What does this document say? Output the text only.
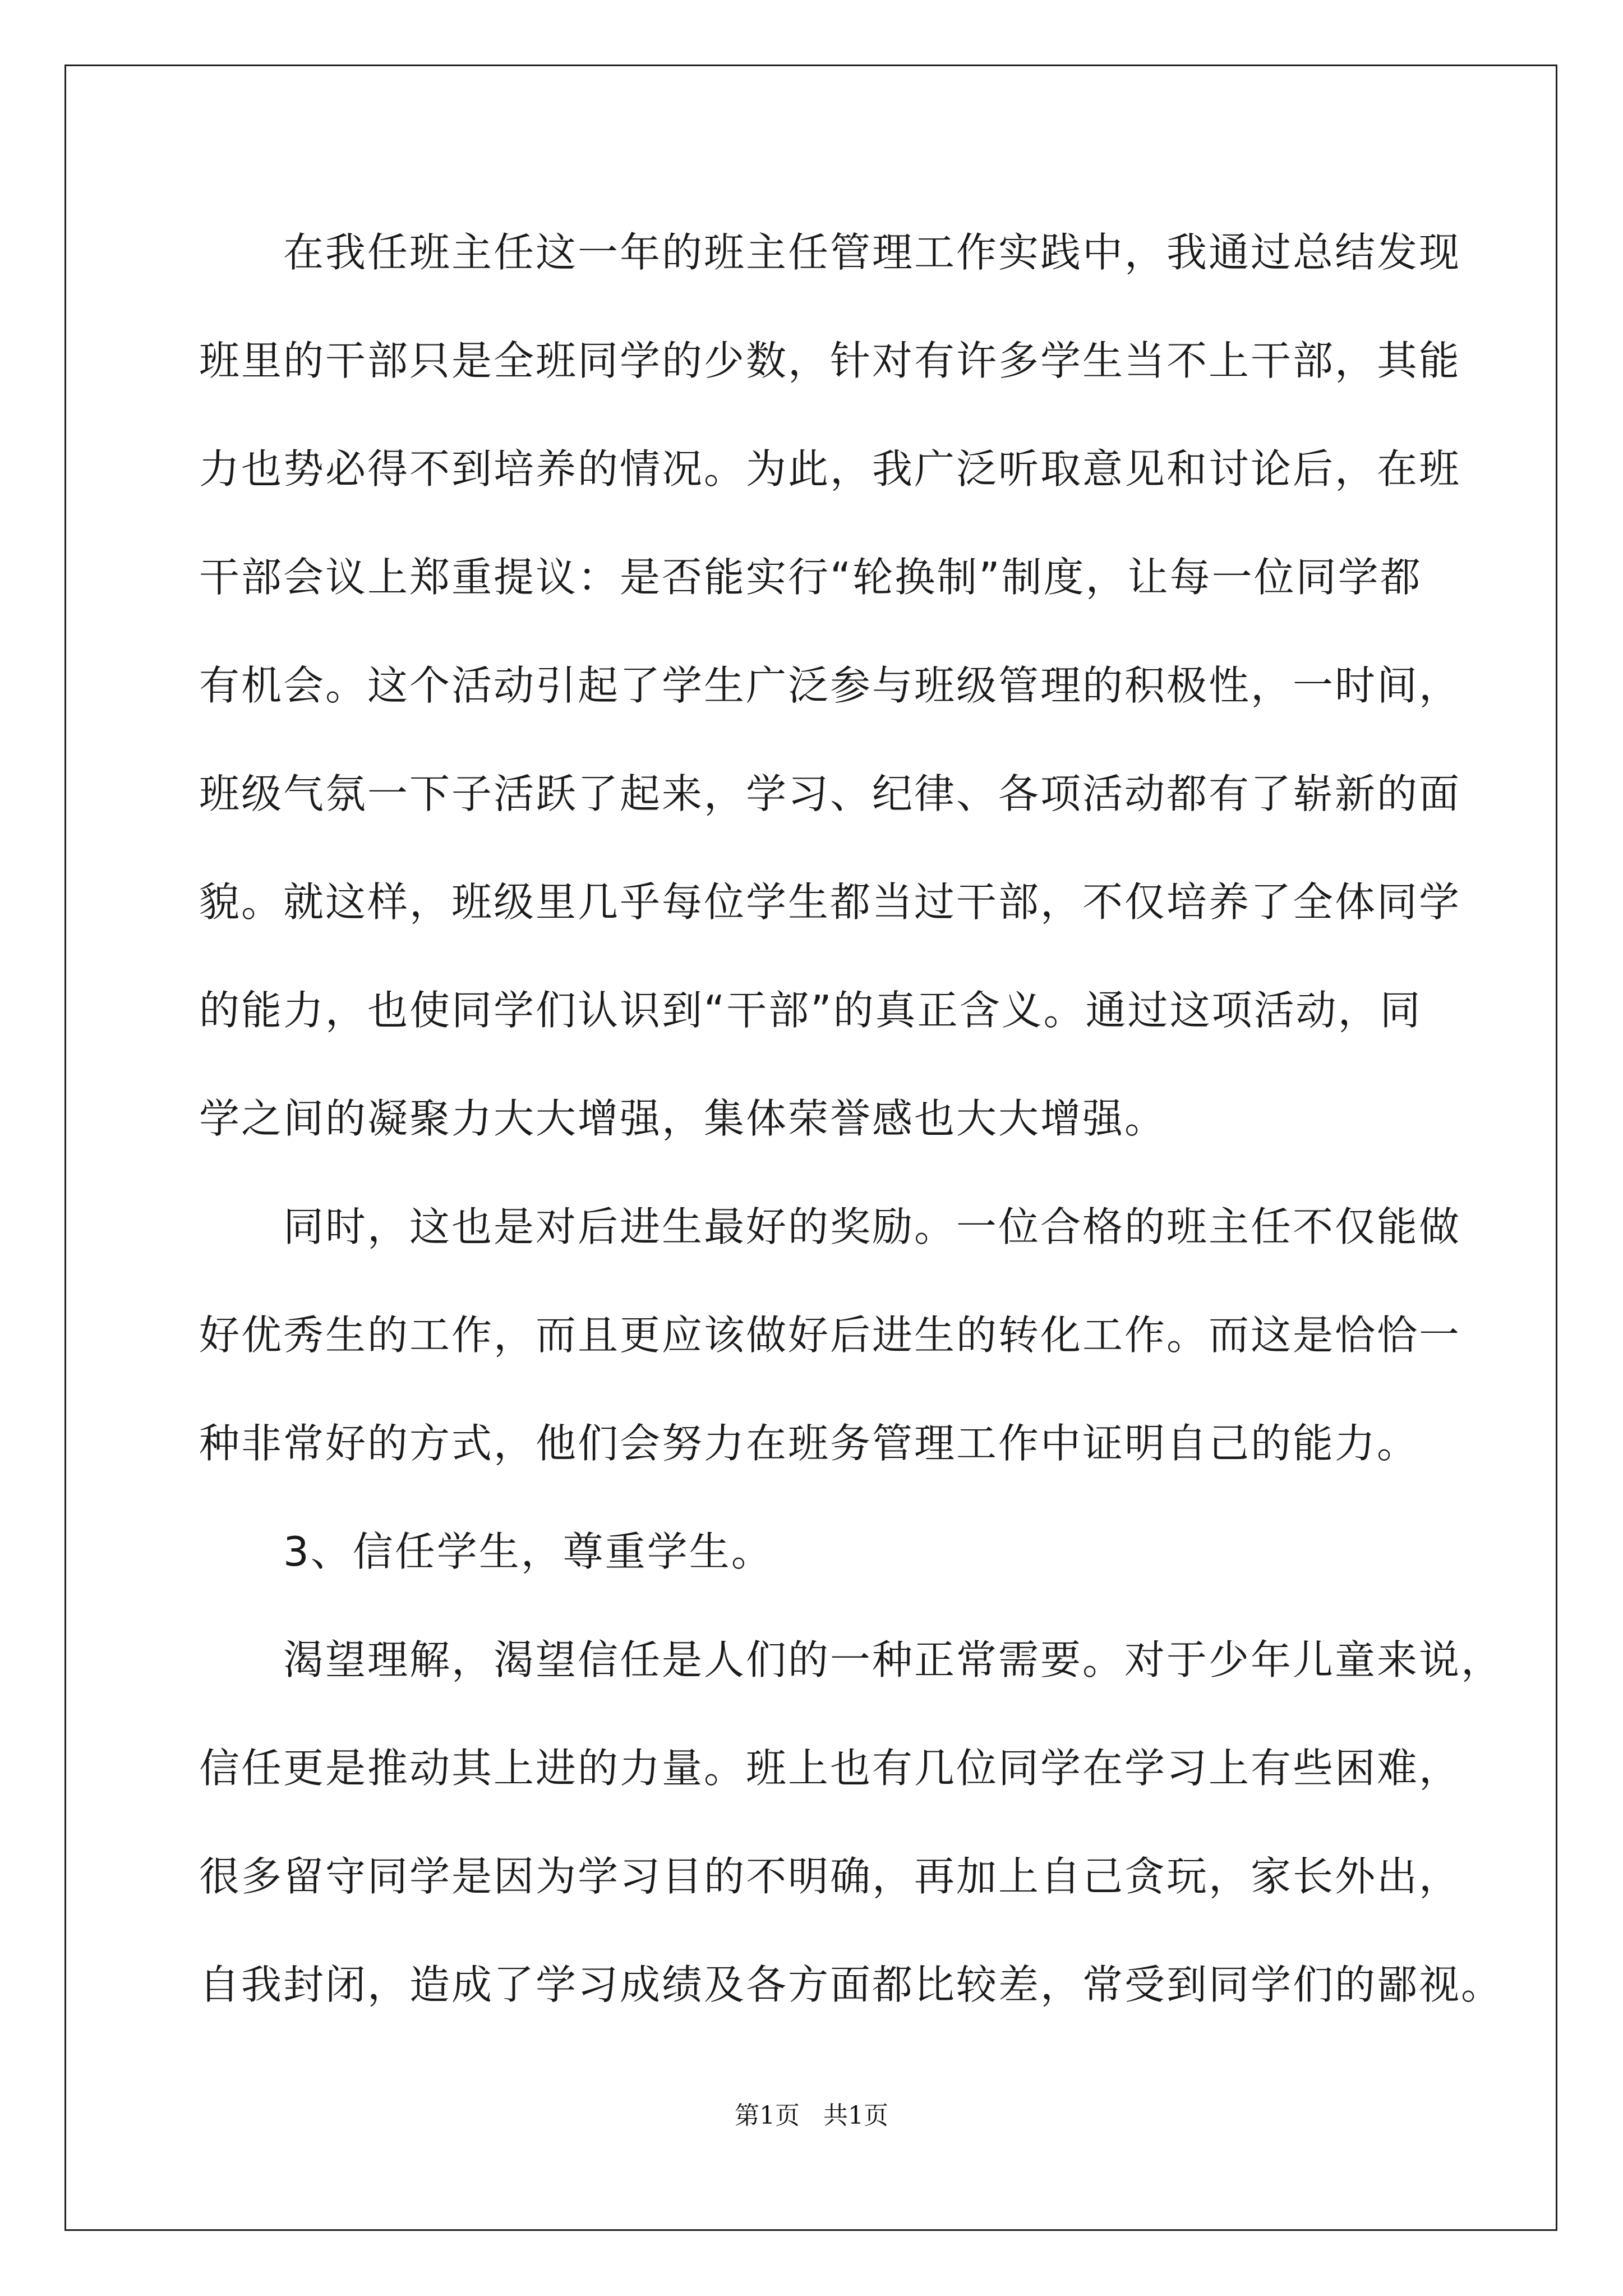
在我任班主任这一年的班主任管理工作实践中，我通过总结发现
班里的干部只是全班同学的少数，针对有许多学生当不上干部，其能
力也势必得不到培养的情况。为此，我广泛听取意见和讨论后，在班
干部会议上郑重提议：是否能实行“轮换制”制度，让每一位同学都
有机会。这个活动引起了学生广泛参与班级管理的积极性，一时间，
班级气氛一下子活跃了起来，学习、纪律、各项活动都有了崭新的面
貌。就这样，班级里几乎每位学生都当过干部，不仅培养了全体同学
的能力，也使同学们认识到“干部”的真正含义。通过这项活动，同
学之间的凝聚力大大增强，集体荣誉感也大大增强。
同时，这也是对后进生最好的奖励。一位合格的班主任不仅能做
好优秀生的工作，而且更应该做好后进生的转化工作。而这是恰恰一
种非常好的方式，他们会努力在班务管理工作中证明自己的能力。
3、信任学生，尊重学生。
渴望理解，渴望信任是人们的一种正常需要。对于少年儿童来说，
信任更是推动其上进的力量。班上也有几位同学在学习上有些困难，
很多留守同学是因为学习目的不明确，再加上自己贪玩，家长外出，
自我封闭，造成了学习成绩及各方面都比较差，常受到同学们的鄙视。
第1页   共1页
